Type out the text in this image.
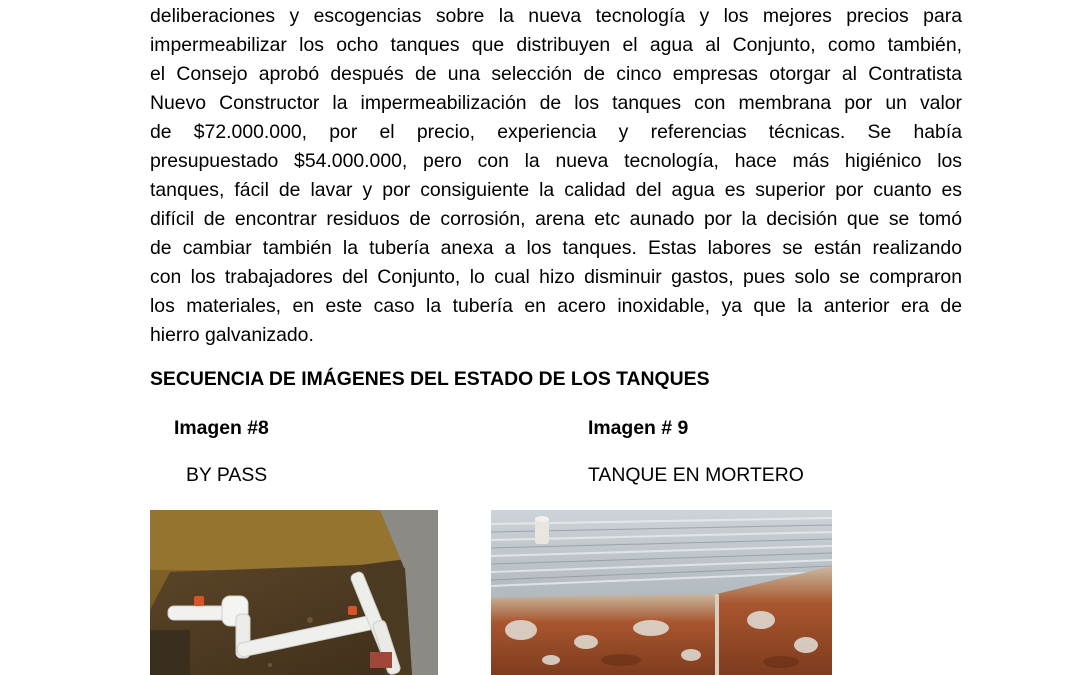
deliberaciones y escogencias sobre la nueva tecnología y los mejores precios para
impermeabilizar los ocho tanques que distribuyen el agua al Conjunto, como también,
el Consejo aprobó después de una selección de cinco empresas otorgar al Contratista
Nuevo Constructor la impermeabilización de los tanques con membrana por un valor
de $72.000.000, por el precio, experiencia y referencias técnicas. Se había
presupuestado $54.000.000, pero con la nueva tecnología, hace más higiénico los
tanques, fácil de lavar y por consiguiente la calidad del agua es superior por cuanto es
difícil de encontrar residuos de corrosión, arena etc aunado por la decisión que se tomó
de cambiar también la tubería anexa a los tanques. Estas labores se están realizando
con los trabajadores del Conjunto, lo cual hizo disminuir gastos, pues solo se compraron
los materiales, en este caso la tubería en acero inoxidable, ya que la anterior era de
hierro galvanizado.
SECUENCIA DE IMÁGENES DEL ESTADO DE LOS TANQUES
Imagen #8
BY PASS
Imagen # 9
TANQUE EN MORTERO
